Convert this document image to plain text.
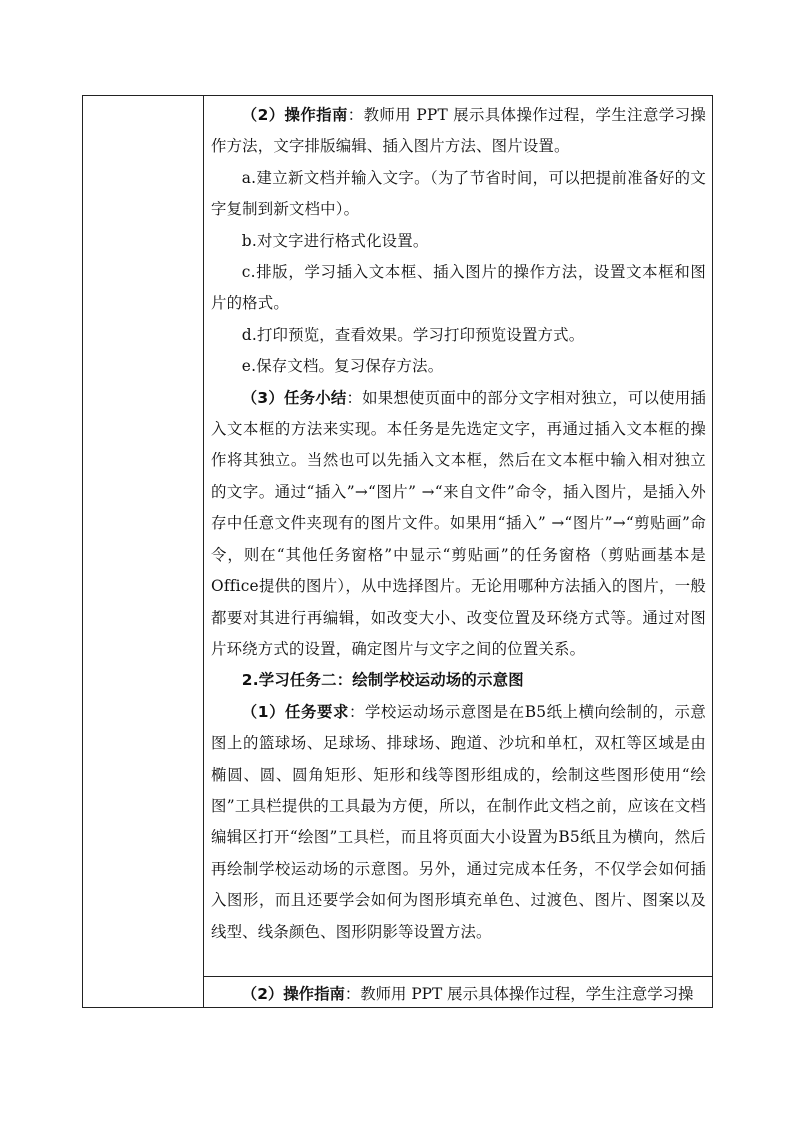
（2）操作指南：教师用 PPT 展示具体操作过程，学生注意学习操作方法，文字排版编辑、插入图片方法、图片设置。

a.建立新文档并输入文字。（为了节省时间，可以把提前准备好的文字复制到新文档中）。

b.对文字进行格式化设置。

c.排版，学习插入文本框、插入图片的操作方法，设置文本框和图片的格式。

d.打印预览，查看效果。学习打印预览设置方式。

e.保存文档。复习保存方法。

（3）任务小结：如果想使页面中的部分文字相对独立，可以使用插入文本框的方法来实现。本任务是先选定文字，再通过插入文本框的操作将其独立。当然也可以先插入文本框，然后在文本框中输入相对独立的文字。通过“插入”→“图片” →“来自文件”命令，插入图片，是插入外存中任意文件夹现有的图片文件。如果用“插入” →“图片”→“剪贴画”命令，则在“其他任务窗格”中显示“剪贴画”的任务窗格（剪贴画基本是Office提供的图片），从中选择图片。无论用哪种方法插入的图片，一般都要对其进行再编辑，如改变大小、改变位置及环绕方式等。通过对图片环绕方式的设置，确定图片与文字之间的位置关系。

2.学习任务二：绘制学校运动场的示意图

（1）任务要求：学校运动场示意图是在B5纸上横向绘制的，示意图上的篮球场、足球场、排球场、跑道、沙坑和单杠，双杠等区域是由椭圆、圆、圆角矩形、矩形和线等图形组成的，绘制这些图形使用“绘图”工具栏提供的工具最为方便，所以，在制作此文档之前，应该在文档编辑区打开“绘图”工具栏，而且将页面大小设置为B5纸且为横向，然后再绘制学校运动场的示意图。另外，通过完成本任务，不仅学会如何插入图形，而且还要学会如何为图形填充单色、过渡色、图片、图案以及线型、线条颜色、图形阴影等设置方法。

（2）操作指南：教师用 PPT 展示具体操作过程，学生注意学习操
